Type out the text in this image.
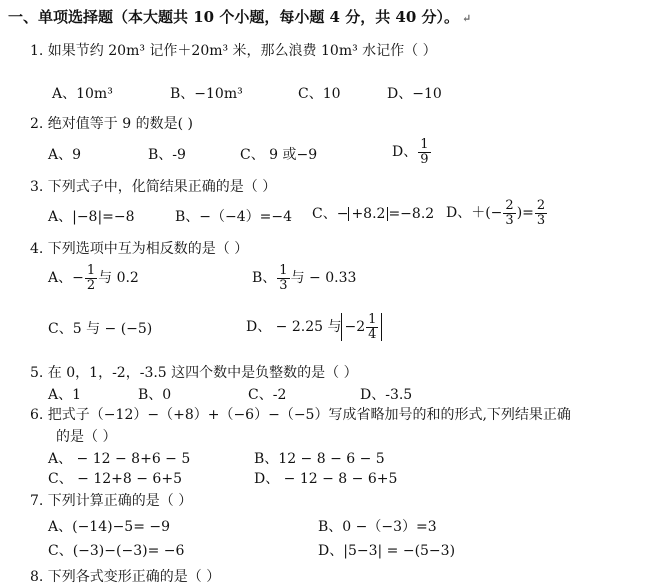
一、单项选择题（本大题共 10 个小题，每小题 4 分，共 40 分）。 ↵
1. 如果节约 20m³ 记作＋20m³ 米，那么浪费 10m³ 水记作（ ）
A、10m³	B、−10m³	C、10	D、−10
2. 绝对值等于 9 的数是( )
A、9	B、-9	C、 9 或−9	D、 $\frac{1}{9}$
3. 下列式子中，化简结果正确的是（ ）
A、|−8|=−8	B、−（−4）=−4 C、− +8.2 =−8.2 D、＋(− $\frac{2}{3}$ )= $\frac{2}{3}$
4. 下列选项中互为相反数的是（ ）
A、− $\frac{1}{2}$ 与 0.2	B、 $\frac{1}{3}$ 与 − 0.33
C、5 与 − (−5)	D、 − 2.25 与 $-2 \frac{1}{4}$
5. 在 0，1，-2，-3.5 这四个数中是负整数的是（ ）
A、1	B、0	C、-2	D、-3.5
6. 把式子（−12）−（+8）+（−6）−（−5）写成省略加号的和的形式,下列结果正确
的是（ ）
A、 − 12 − 8+6 − 5	B、12 − 8 − 6 − 5
C、 − 12+8 − 6+5	D、 − 12 − 8 − 6+5
7. 下列计算正确的是（ ）
A、(−14)−5= −9	B、0 −（−3）=3
C、(−3)−(−3)= −6	D、|5−3| = −(5−3)
8. 下列各式变形正确的是（ ）
